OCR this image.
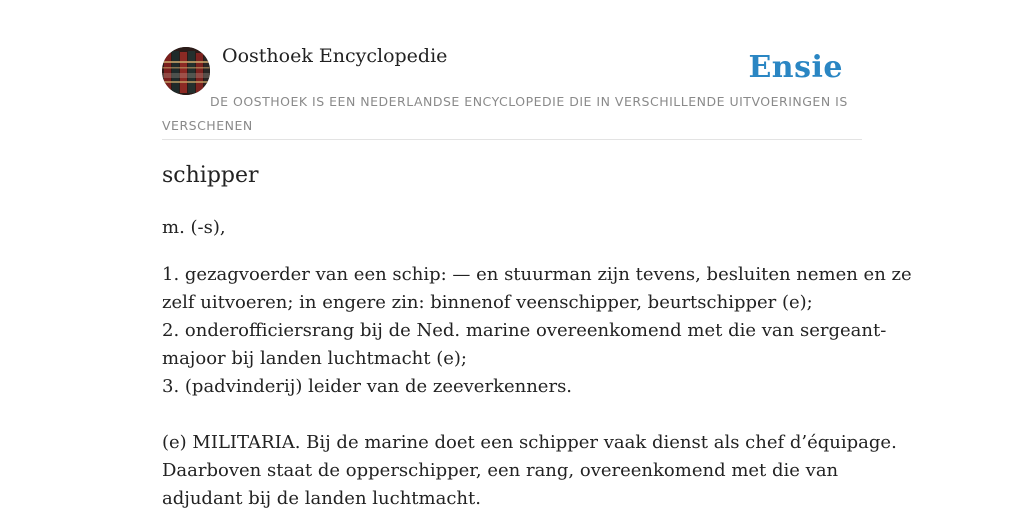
Oosthoek Encyclopedie	Ensie
DE OOSTHOEK IS EEN NEDERLANDSE ENCYCLOPEDIE DIE IN VERSCHILLENDE UITVOERINGEN IS VERSCHENEN
schipper

m. (-s),

1. gezagvoerder van een schip: — en stuurman zijn tevens, besluiten nemen en ze

zelf uitvoeren; in engere zin: binnenof veenschipper, beurtschipper (e);

2. onderofficiersrang bij de Ned. marine overeenkomend met die van sergeant-

majoor bij landen luchtmacht (e);

3. (padvinderij) leider van de zeeverkenners.

(e) MILITARIA. Bij de marine doet een schipper vaak dienst als chef d’équipage.

Daarboven staat de opperschipper, een rang, overeenkomend met die van

adjudant bij de landen luchtmacht.
